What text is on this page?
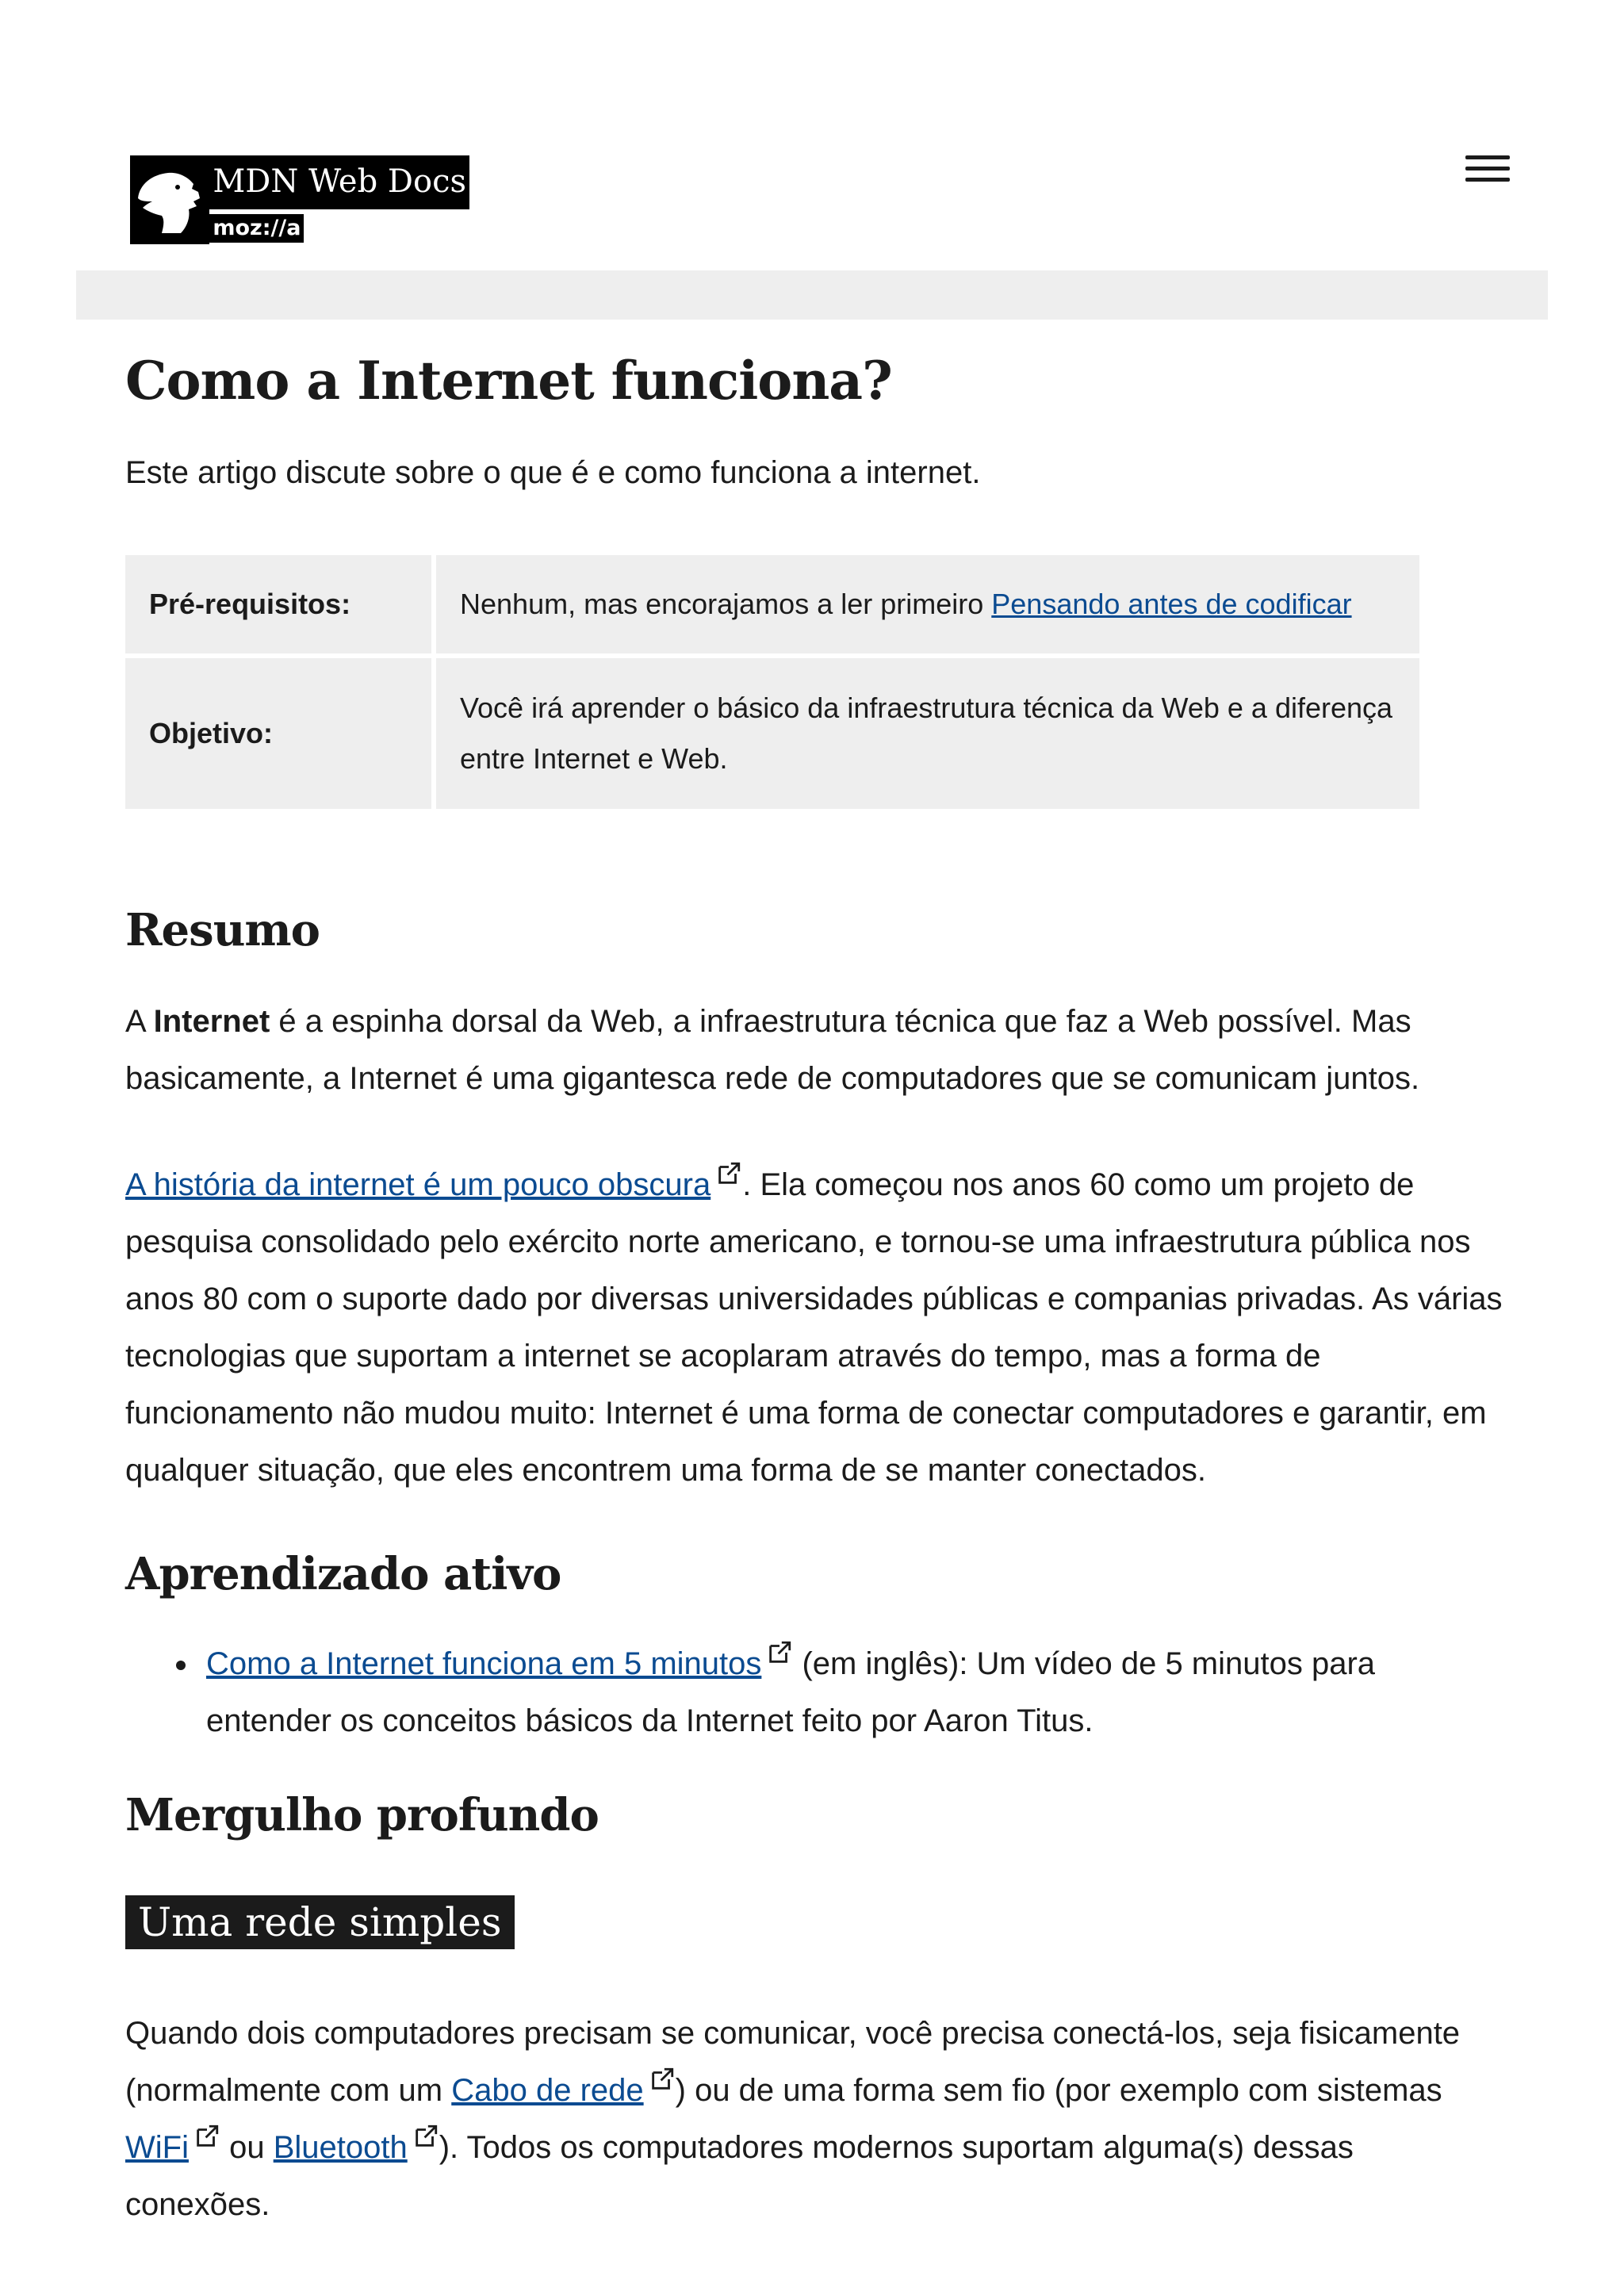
MDN Web Docs
moz://a
Como a Internet funciona?

Este artigo discute sobre o que é e como funciona a internet.

Pré-requisitos:	Nenhum, mas encorajamos a ler primeiro Pensando antes de codificar
Objetivo:	Você irá aprender o básico da infraestrutura técnica da Web e a diferença entre Internet e Web.
Resumo

A Internet é a espinha dorsal da Web, a infraestrutura técnica que faz a Web possível. Mas basicamente, a Internet é uma gigantesca rede de computadores que se comunicam juntos.

A história da internet é um pouco obscura . Ela começou nos anos 60 como um projeto de pesquisa consolidado pelo exército norte americano, e tornou-se uma infraestrutura pública nos anos 80 com o suporte dado por diversas universidades públicas e companias privadas. As várias tecnologias que suportam a internet se acoplaram através do tempo, mas a forma de funcionamento não mudou muito: Internet é uma forma de conectar computadores e garantir, em qualquer situação, que eles encontrem uma forma de se manter conectados.

Aprendizado ativo
Como a Internet funciona em 5 minutos (em inglês): Um vídeo de 5 minutos para entender os conceitos básicos da Internet feito por Aaron Titus.
Mergulho profundo
Uma rede simples

Quando dois computadores precisam se comunicar, você precisa conectá-los, seja fisicamente (normalmente com um Cabo de rede ) ou de uma forma sem fio (por exemplo com sistemas WiFi ou Bluetooth ). Todos os computadores modernos suportam alguma(s) dessas conexões.
